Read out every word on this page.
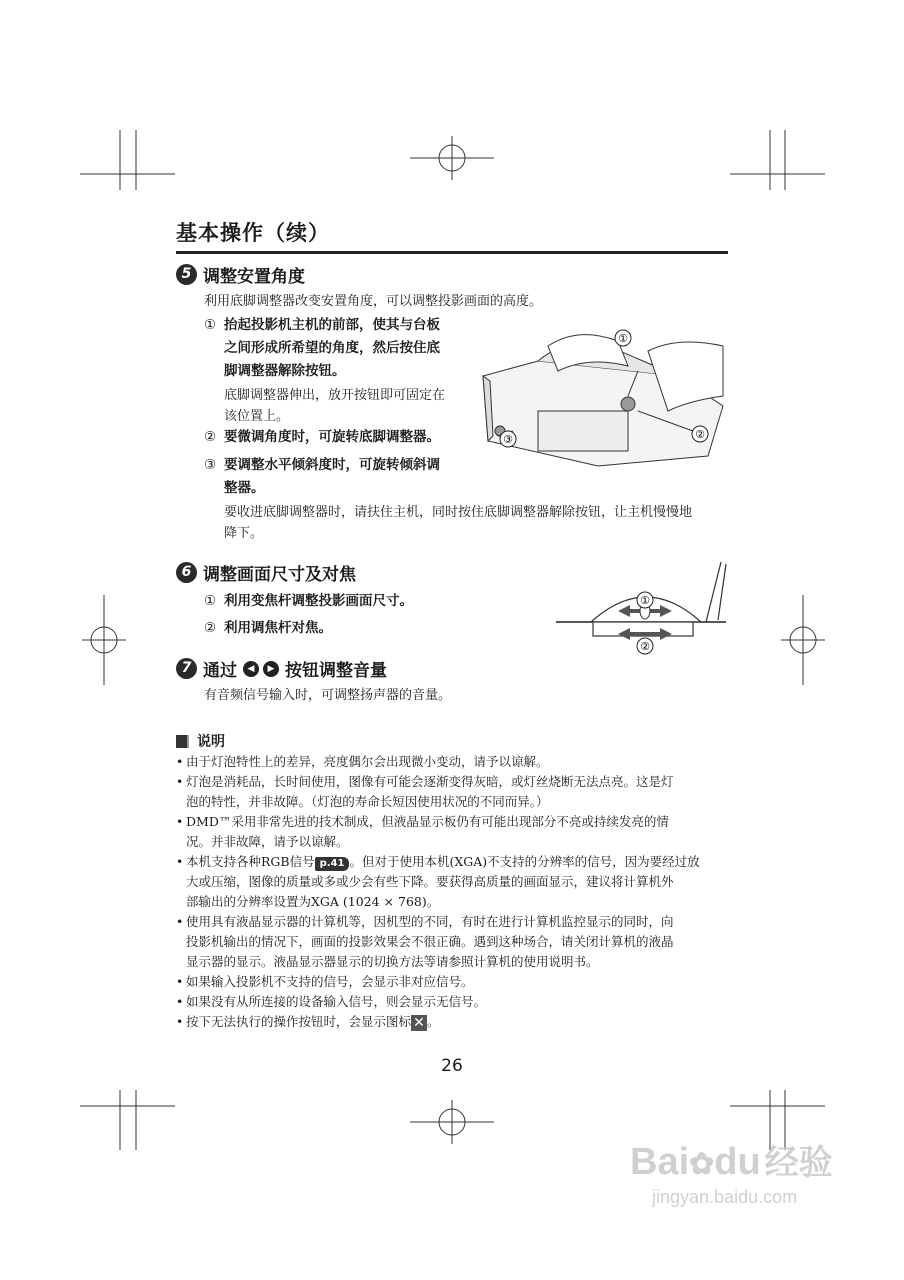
基本操作（续）
5 调整安置角度
利用底脚调整器改变安置角度，可以调整投影画面的高度。
① 抬起投影机主机的前部，使其与台板
之间形成所希望的角度，然后按住底
脚调整器解除按钮。
底脚调整器伸出，放开按钮即可固定在
该位置上。
② 要微调角度时，可旋转底脚调整器。
③ 要调整水平倾斜度时，可旋转倾斜调
整器。
要收进底脚调整器时，请扶住主机，同时按住底脚调整器解除按钮，让主机慢慢地
降下。
①
②
③
6 调整画面尺寸及对焦
① 利用变焦杆调整投影画面尺寸。
② 利用调焦杆对焦。
①
②
7 通过	◀	▶ 按钮调整音量
有音频信号输入时，可调整扬声器的音量。
说明
• 由于灯泡特性上的差异，亮度偶尔会出现微小变动，请予以谅解。
• 灯泡是消耗品，长时间使用，图像有可能会逐渐变得灰暗，或灯丝烧断无法点亮。这是灯
泡的特性，并非故障。（灯泡的寿命长短因使用状况的不同而异。）
• DMD™采用非常先进的技术制成，但液晶显示板仍有可能出现部分不亮或持续发亮的情
况。并非故障，请予以谅解。
• 本机支持各种RGB信号 p.41 。但对于使用本机(XGA)不支持的分辨率的信号，因为要经过放
大或压缩，图像的质量或多或少会有些下降。要获得高质量的画面显示，建议将计算机外
部输出的分辨率设置为XGA (1024 × 768)。
• 使用具有液晶显示器的计算机等，因机型的不同，有时在进行计算机监控显示的同时，向
投影机输出的情况下，画面的投影效果会不很正确。遇到这种场合，请关闭计算机的液晶
显示器的显示。液晶显示器显示的切换方法等请参照计算机的使用说明书。
• 如果输入投影机不支持的信号，会显示非对应信号。
• 如果没有从所连接的设备输入信号，则会显示无信号。
• 按下无法执行的操作按钮时，会显示图标 ✕ 。
26
Bai✿du 经验
jingyan.baidu.com
